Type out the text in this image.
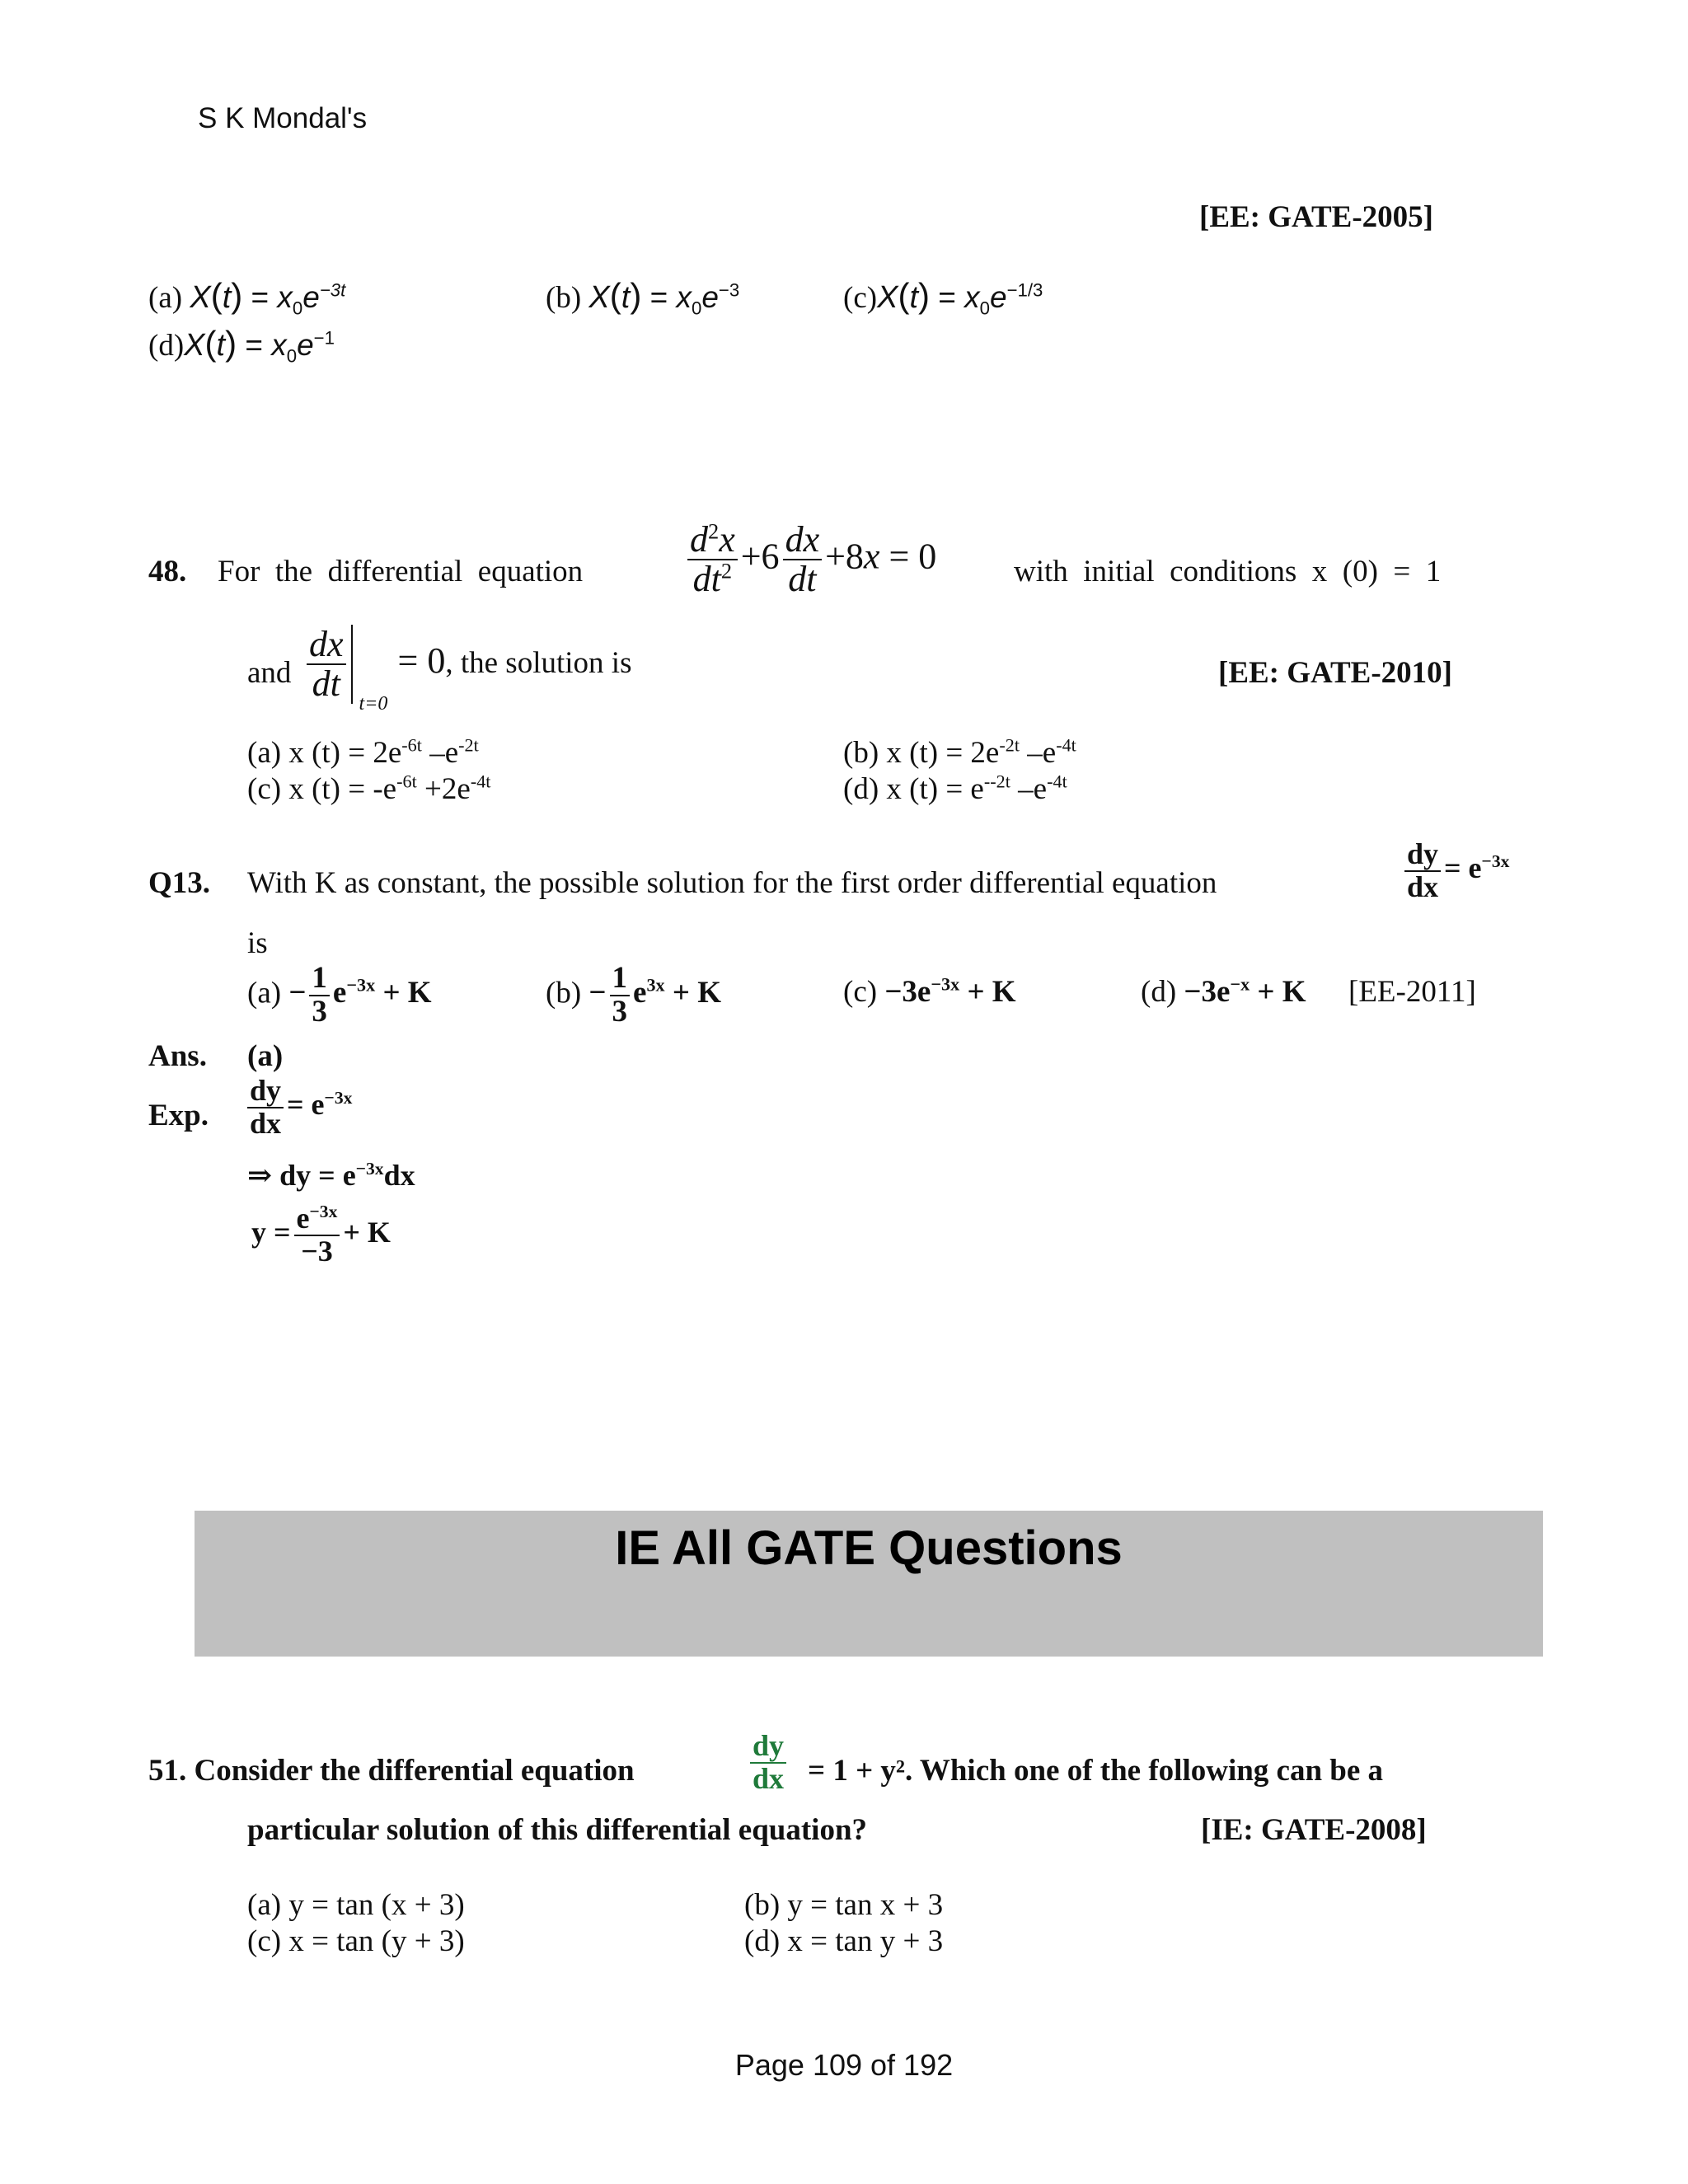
S K Mondal's
[EE: GATE-2005]
(a) $X(t) = x_0e^{-3t}$	(b) $X(t) = x_0e^{-3}$	$(c)X(t) = x_0e^{-1/3}$
$(d)X(t) = x_0e^{-1}$
48. For  the  differential  equation	$\frac{d^2x}{dt^2} +6 \frac{dx}{dt} +8x = 0$	with  initial  conditions  x  (0)  =  1
and $\frac{dx}{dt}$
t=0
= 0, the solution is	[EE: GATE-2010]
(a) x $(t) = 2e^{-6t}$ $-e^{-2t}$	(b) x $(t) = 2e^{-2t}$ $-e^{-4t}$
(c) x $(t) = -e^{-6t} +2e^{-4t}$	(d) x $(t) = e^{--2t}$ $-e^{-4t}$
Q13. With K as constant, the possible solution for the first order differential equation	$\frac{dy}{dx} = e^{-3x}$
is
$(a) - \frac{1}{3} e^{-3x} + K$	$(b) - \frac{1}{3} e^{3x} + K$	$(c) -3e^{-3x} + K$	$(d) -3e^{-x} + K$ [EE-2011]
Ans. (a)
Exp. $\frac{dy}{dx} = e^{-3x}$
⇒ dy = $e^{-3x}dx$
$y = \frac{e^{-3x}}{-3} + K$
IE All GATE Questions
51. Consider the differential equation	$\frac{dy}{dx} = 1 + y^2$. Which one of the following can be a
particular solution of this differential equation?	[IE: GATE-2008]
(a) y = tan (x + 3)	(b) y = tan x + 3
(c) x = tan (y + 3)	(d) x = tan y + 3
Page 109 of 192
